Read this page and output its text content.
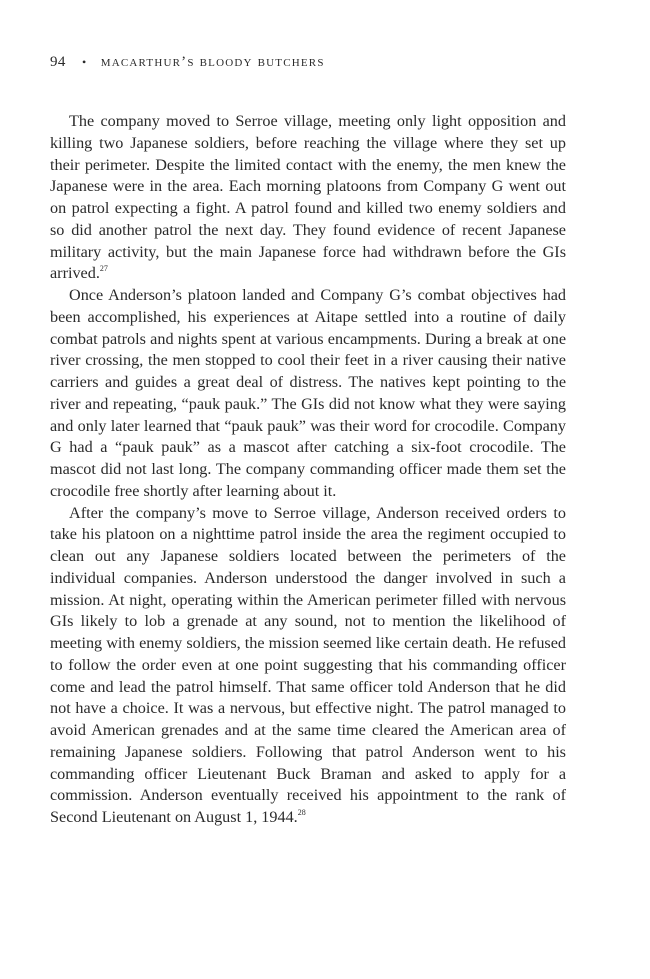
94 • macarthur’s bloody butchers

The company moved to Serroe village, meeting only light opposition and killing two Japanese soldiers, before reaching the village where they set up their perimeter. Despite the limited contact with the enemy, the men knew the Japanese were in the area. Each morning platoons from Company G went out on patrol expecting a fight. A patrol found and killed two enemy soldiers and so did another patrol the next day. They found evidence of recent Japanese military activity, but the main Japanese force had withdrawn before the GIs arrived.$^{27}$

Once Anderson’s platoon landed and Company G’s combat objectives had been accomplished, his experiences at Aitape settled into a routine of daily combat patrols and nights spent at various encampments. During a break at one river crossing, the men stopped to cool their feet in a river causing their native carriers and guides a great deal of distress. The natives kept pointing to the river and repeating, “pauk pauk.” The GIs did not know what they were saying and only later learned that “pauk pauk” was their word for crocodile. Company G had a “pauk pauk” as a mascot after catching a six-foot crocodile. The mascot did not last long. The company commanding officer made them set the crocodile free shortly after learning about it.

After the company’s move to Serroe village, Anderson received orders to take his platoon on a nighttime patrol inside the area the regiment occupied to clean out any Japanese soldiers located between the perimeters of the individual companies. Anderson understood the danger involved in such a mission. At night, operating within the American perimeter filled with nervous GIs likely to lob a grenade at any sound, not to mention the likelihood of meeting with enemy soldiers, the mission seemed like certain death. He refused to follow the order even at one point suggesting that his commanding officer come and lead the patrol himself. That same officer told Anderson that he did not have a choice. It was a nervous, but effective night. The patrol managed to avoid American grenades and at the same time cleared the American area of remaining Japanese soldiers. Following that patrol Anderson went to his commanding officer Lieutenant Buck Braman and asked to apply for a commission. Anderson eventually received his appointment to the rank of Second Lieutenant on August 1, 1944.28
